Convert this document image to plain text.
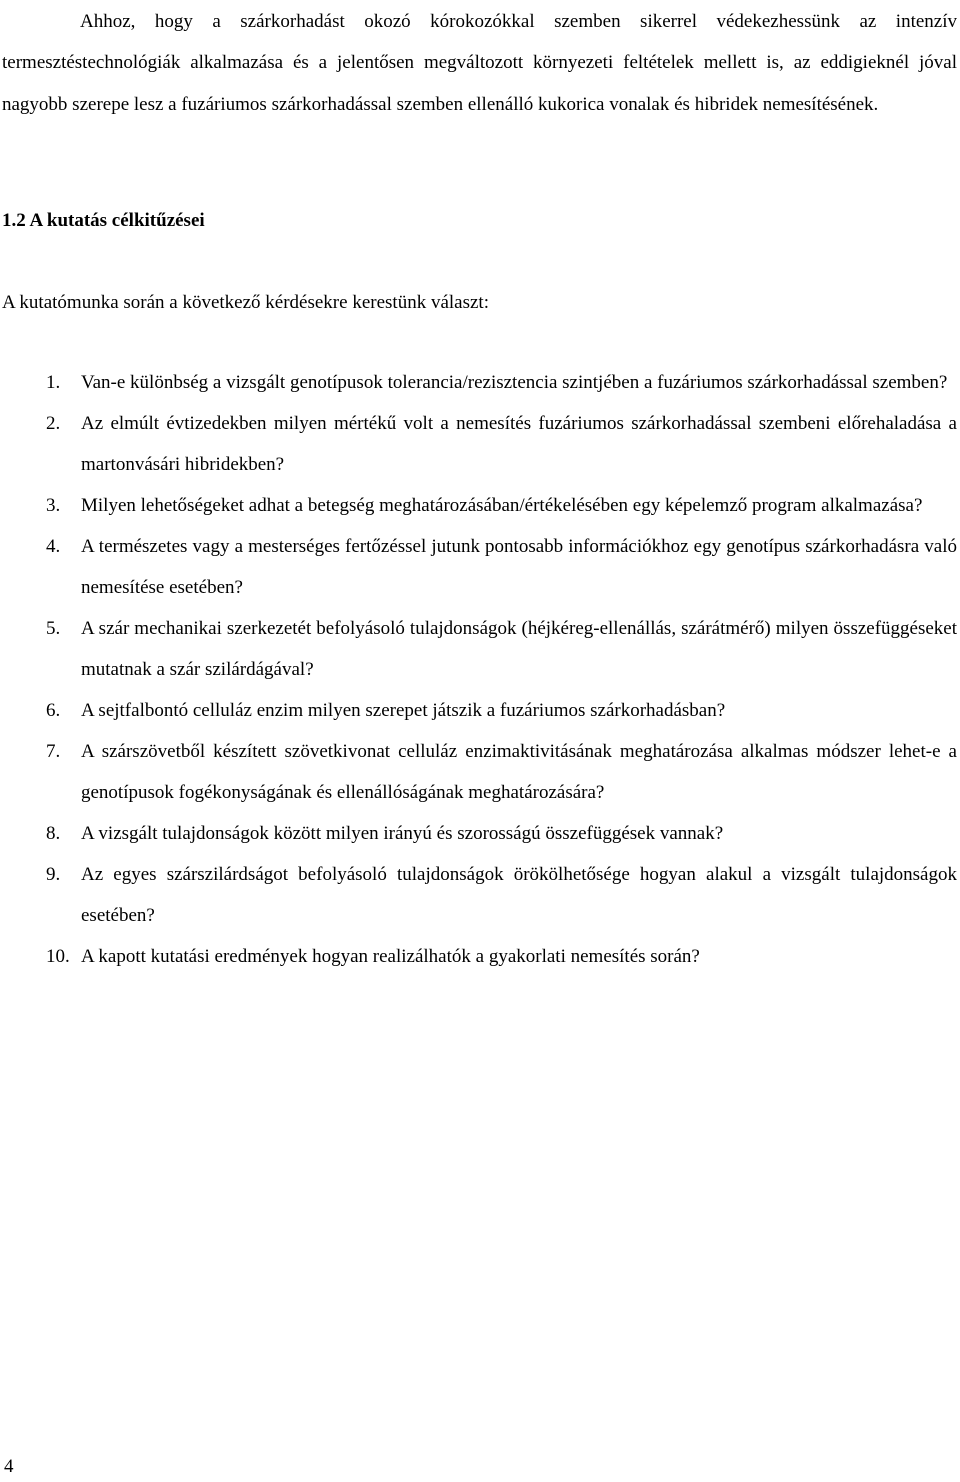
Ahhoz, hogy a szárkorhadást okozó kórokozókkal szemben sikerrel védekezhessünk az intenzív termesztéstechnológiák alkalmazása és a jelentősen megváltozott környezeti feltételek mellett is, az eddigieknél jóval nagyobb szerepe lesz a fuzáriumos szárkorhadással szemben ellenálló kukorica vonalak és hibridek nemesítésének.

1.2 A kutatás célkitűzései

A kutatómunka során a következő kérdésekre kerestünk választ:

1. Van-e különbség a vizsgált genotípusok tolerancia/rezisztencia szintjében a fuzáriumos szárkorhadással szemben?
2. Az elmúlt évtizedekben milyen mértékű volt a nemesítés fuzáriumos szárkorhadással szembeni előrehaladása a martonvásári hibridekben?
3. Milyen lehetőségeket adhat a betegség meghatározásában/értékelésében egy képelemző program alkalmazása?
4. A természetes vagy a mesterséges fertőzéssel jutunk pontosabb információkhoz egy genotípus szárkorhadásra való nemesítése esetében?
5. A szár mechanikai szerkezetét befolyásoló tulajdonságok (héjkéreg-ellenállás, szárátmérő) milyen összefüggéseket mutatnak a szár szilárdágával?
6. A sejtfalbontó celluláz enzim milyen szerepet játszik a fuzáriumos szárkorhadásban?
7. A szárszövetből készített szövetkivonat celluláz enzimaktivitásának meghatározása alkalmas módszer lehet-e a genotípusok fogékonyságának és ellenállóságának meghatározására?
8. A vizsgált tulajdonságok között milyen irányú és szorosságú összefüggések vannak?
9. Az egyes szárszilárdságot befolyásoló tulajdonságok örökölhetősége hogyan alakul a vizsgált tulajdonságok esetében?
10. A kapott kutatási eredmények hogyan realizálhatók a gyakorlati nemesítés során?

4
